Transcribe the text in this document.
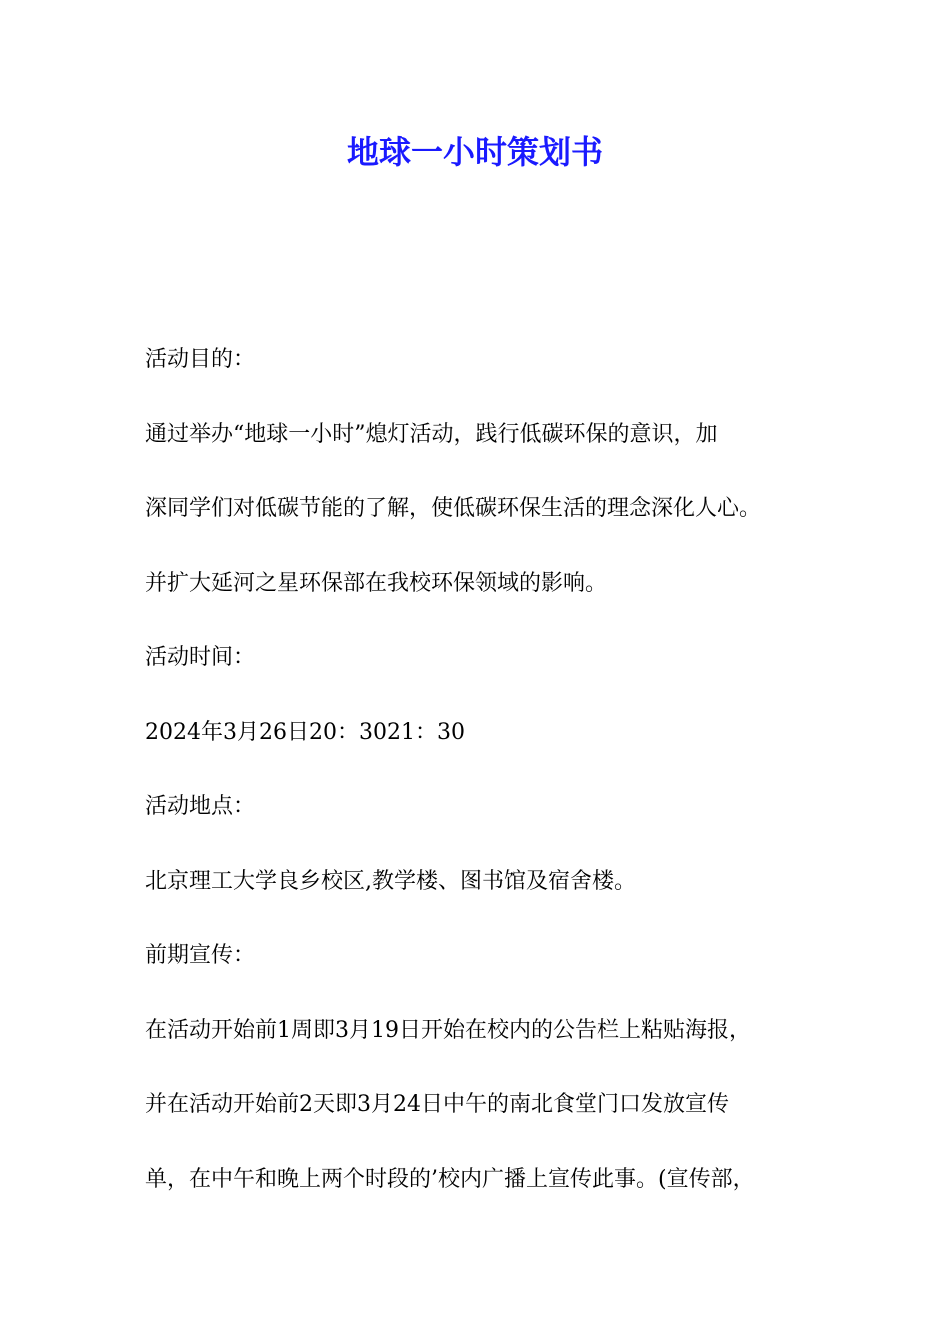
地球一小时策划书

活动目的：

通过举办“地球一小时”熄灯活动，践行低碳环保的意识，加

深同学们对低碳节能的了解，使低碳环保生活的理念深化人心。

并扩大延河之星环保部在我校环保领域的影响。

活动时间：

2024年3月26日20：3021：30

活动地点：

北京理工大学良乡校区,教学楼、图书馆及宿舍楼。

前期宣传：

在活动开始前1周即3月19日开始在校内的公告栏上粘贴海报，

并在活动开始前2天即3月24日中午的南北食堂门口发放宣传

单，在中午和晚上两个时段的’校内广播上宣传此事。(宣传部，
